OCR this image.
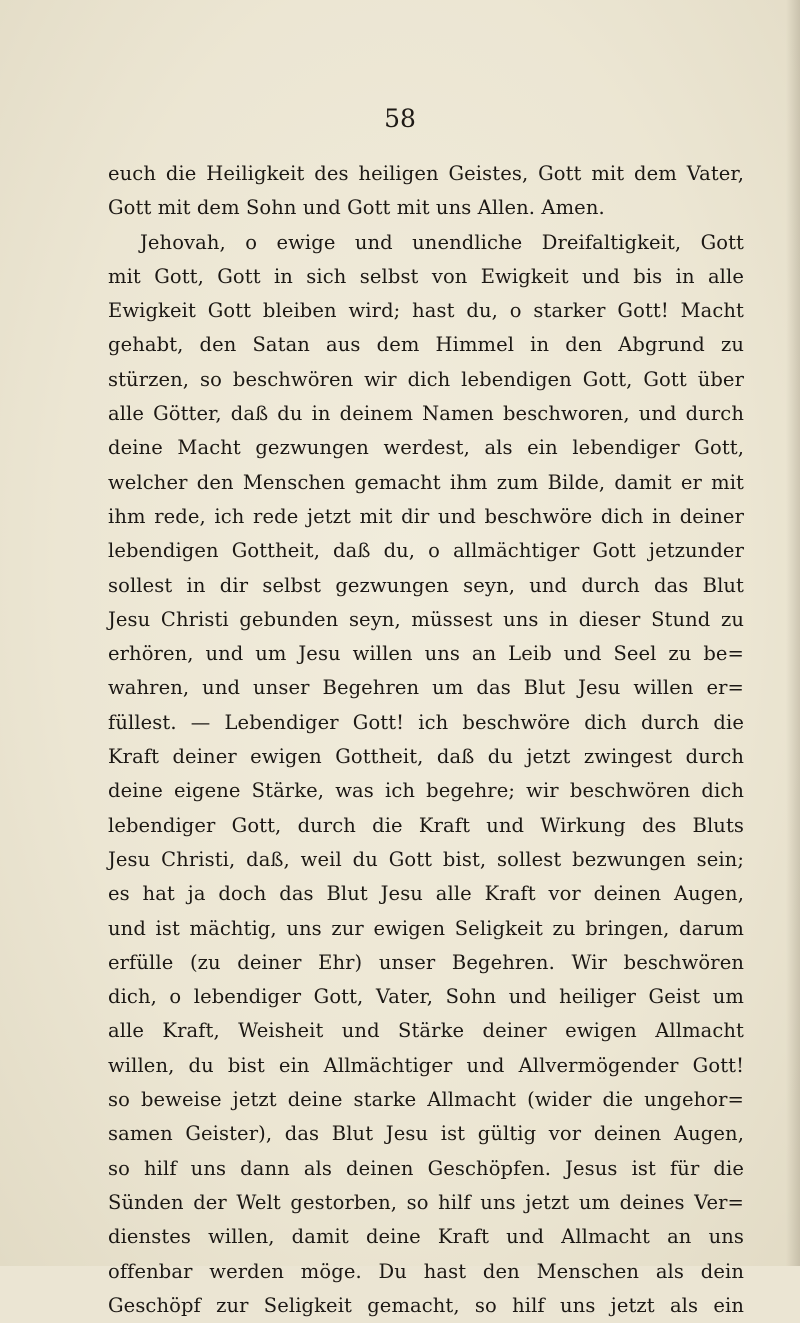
58
euch die Heiligkeit des heiligen Geistes, Gott mit dem Vater,
Gott mit dem Sohn und Gott mit uns Allen. Amen.
Jehovah, o ewige und unendliche Dreifaltigkeit, Gott
mit Gott, Gott in sich selbst von Ewigkeit und bis in alle
Ewigkeit Gott bleiben wird; hast du, o starker Gott! Macht
gehabt, den Satan aus dem Himmel in den Abgrund zu
stürzen, so beschwören wir dich lebendigen Gott, Gott über
alle Götter, daß du in deinem Namen beschworen, und durch
deine Macht gezwungen werdest, als ein lebendiger Gott,
welcher den Menschen gemacht ihm zum Bilde, damit er mit
ihm rede, ich rede jetzt mit dir und beschwöre dich in deiner
lebendigen Gottheit, daß du, o allmächtiger Gott jetzunder
sollest in dir selbst gezwungen seyn, und durch das Blut
Jesu Christi gebunden seyn, müssest uns in dieser Stund zu
erhören, und um Jesu willen uns an Leib und Seel zu be=
wahren, und unser Begehren um das Blut Jesu willen er=
füllest. — Lebendiger Gott! ich beschwöre dich durch die
Kraft deiner ewigen Gottheit, daß du jetzt zwingest durch
deine eigene Stärke, was ich begehre; wir beschwören dich
lebendiger Gott, durch die Kraft und Wirkung des Bluts
Jesu Christi, daß, weil du Gott bist, sollest bezwungen sein;
es hat ja doch das Blut Jesu alle Kraft vor deinen Augen,
und ist mächtig, uns zur ewigen Seligkeit zu bringen, darum
erfülle (zu deiner Ehr) unser Begehren. Wir beschwören
dich, o lebendiger Gott, Vater, Sohn und heiliger Geist um
alle Kraft, Weisheit und Stärke deiner ewigen Allmacht
willen, du bist ein Allmächtiger und Allvermögender Gott!
so beweise jetzt deine starke Allmacht (wider die ungehor=
samen Geister), das Blut Jesu ist gültig vor deinen Augen,
so hilf uns dann als deinen Geschöpfen. Jesus ist für die
Sünden der Welt gestorben, so hilf uns jetzt um deines Ver=
dienstes willen, damit deine Kraft und Allmacht an uns
offenbar werden möge. Du hast den Menschen als dein
Geschöpf zur Seligkeit gemacht, so hilf uns jetzt als ein
